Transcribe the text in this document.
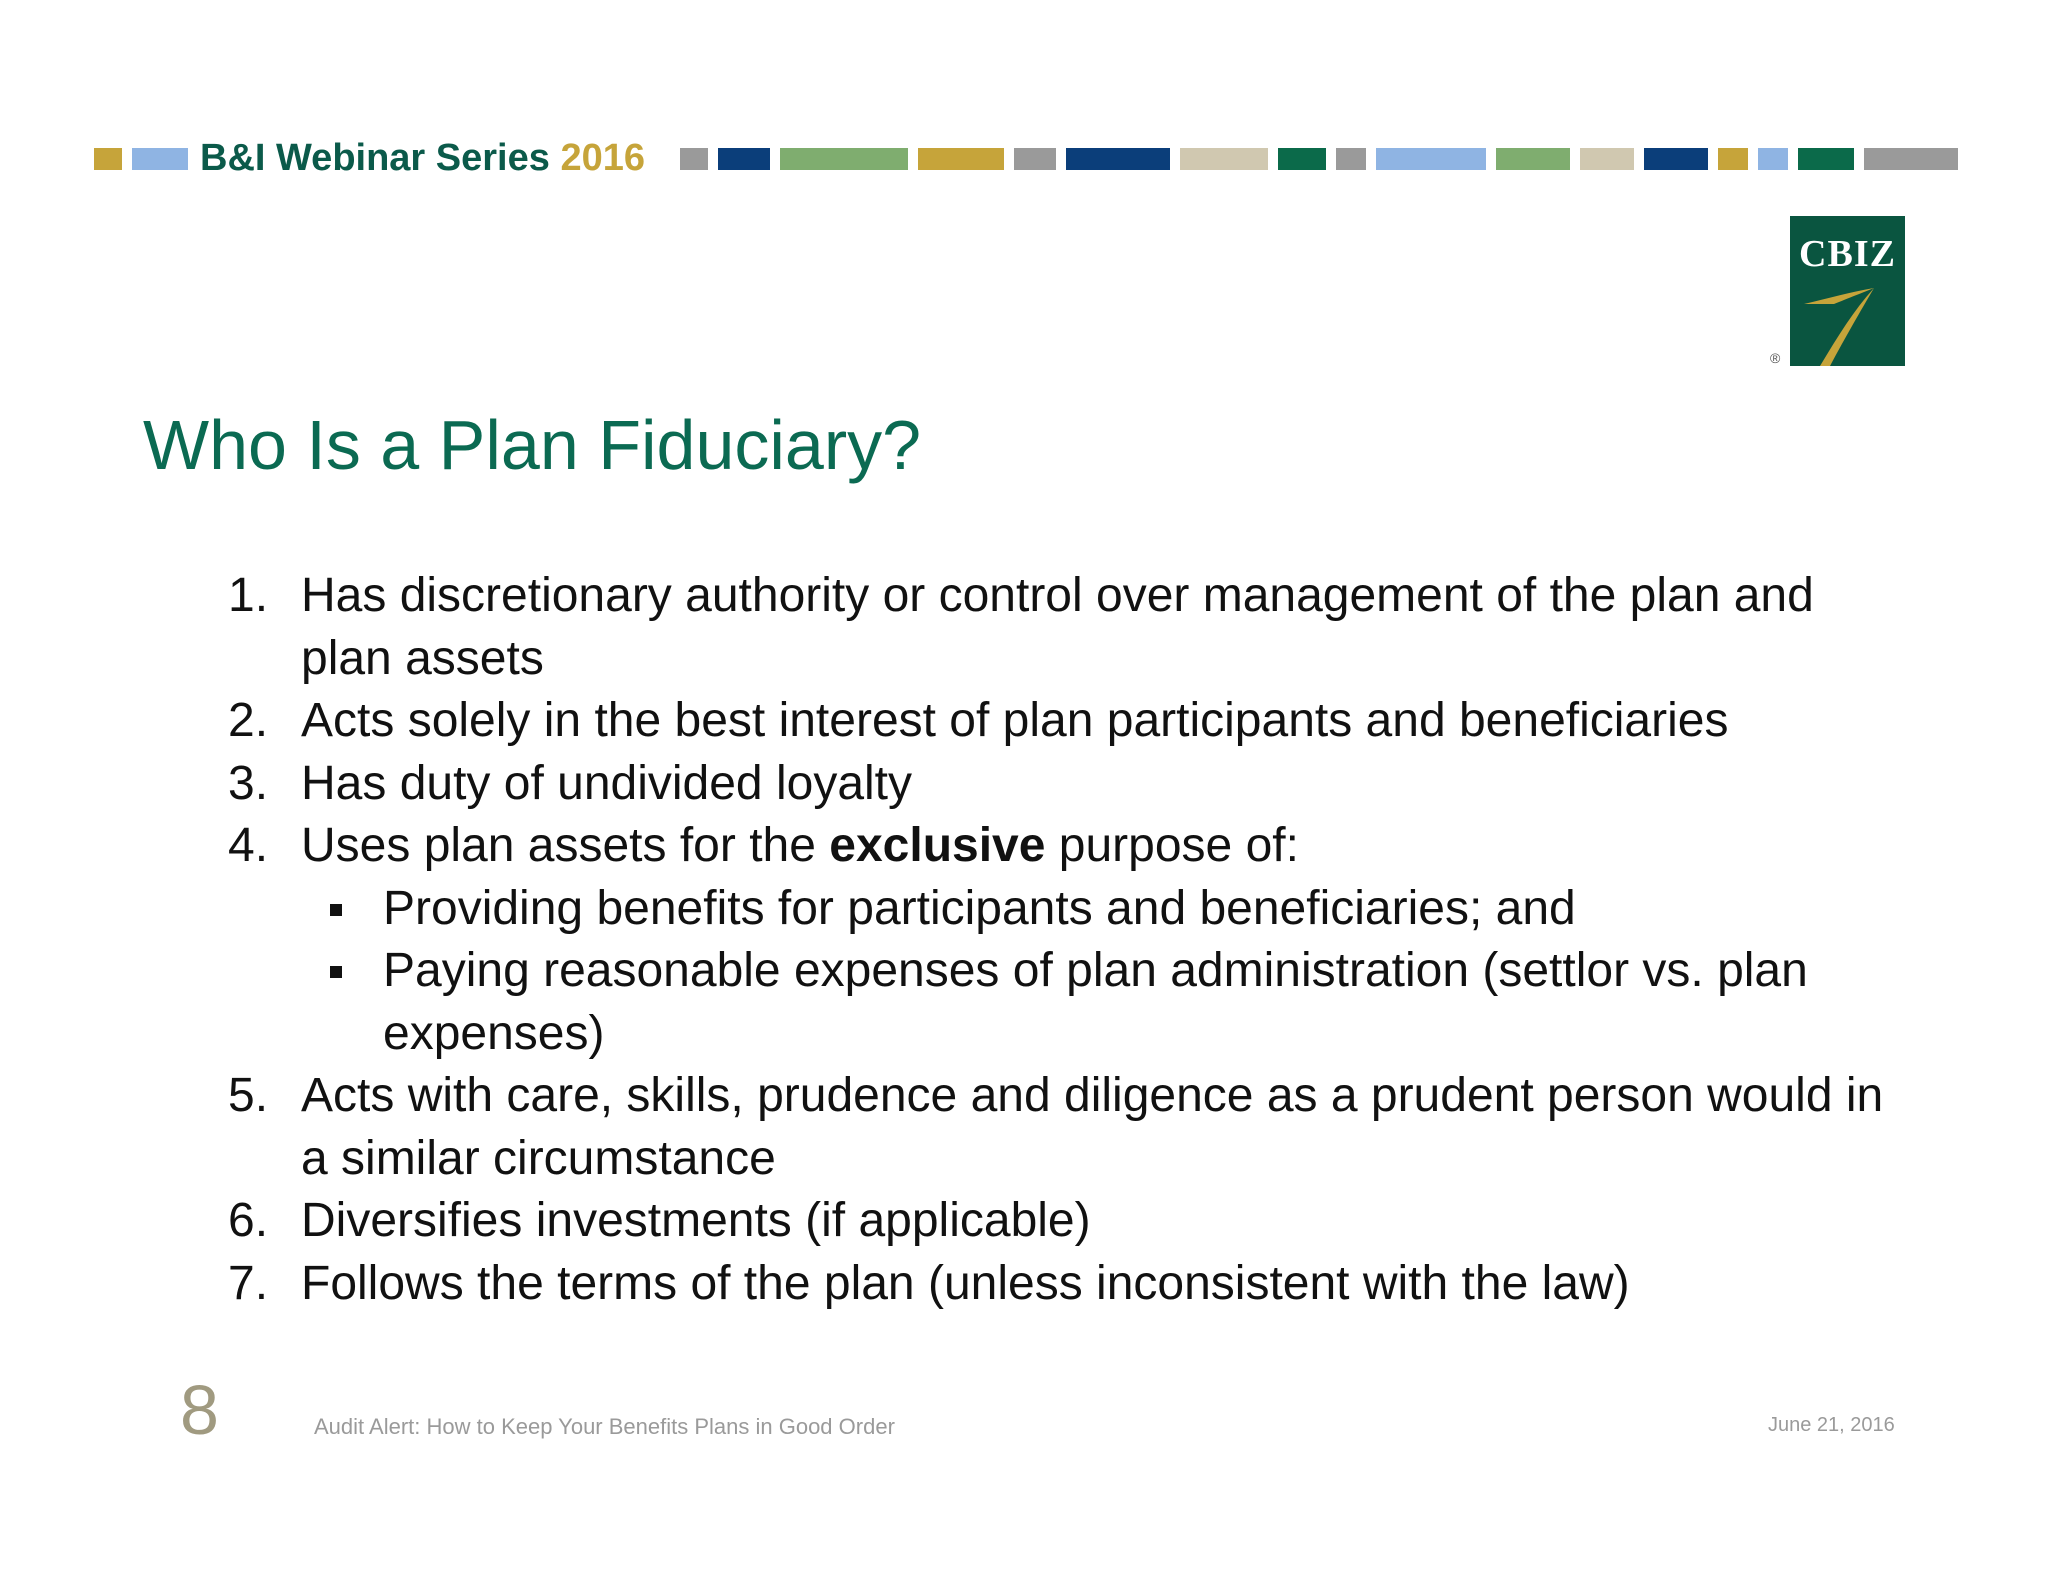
B&I Webinar Series 2016
CBIZ
®
Who Is a Plan Fiduciary?
1. Has discretionary authority or control over management of the plan and plan assets
2. Acts solely in the best interest of plan participants and beneficiaries
3. Has duty of undivided loyalty
4. Uses plan assets for the exclusive purpose of:
Providing benefits for participants and beneficiaries; and
Paying reasonable expenses of plan administration (settlor vs. plan expenses)
5. Acts with care, skills, prudence and diligence as a prudent person would in a similar circumstance
6. Diversifies investments (if applicable)
7. Follows the terms of the plan (unless inconsistent with the law)
8	Audit Alert: How to Keep Your Benefits Plans in Good Order	June 21, 2016
